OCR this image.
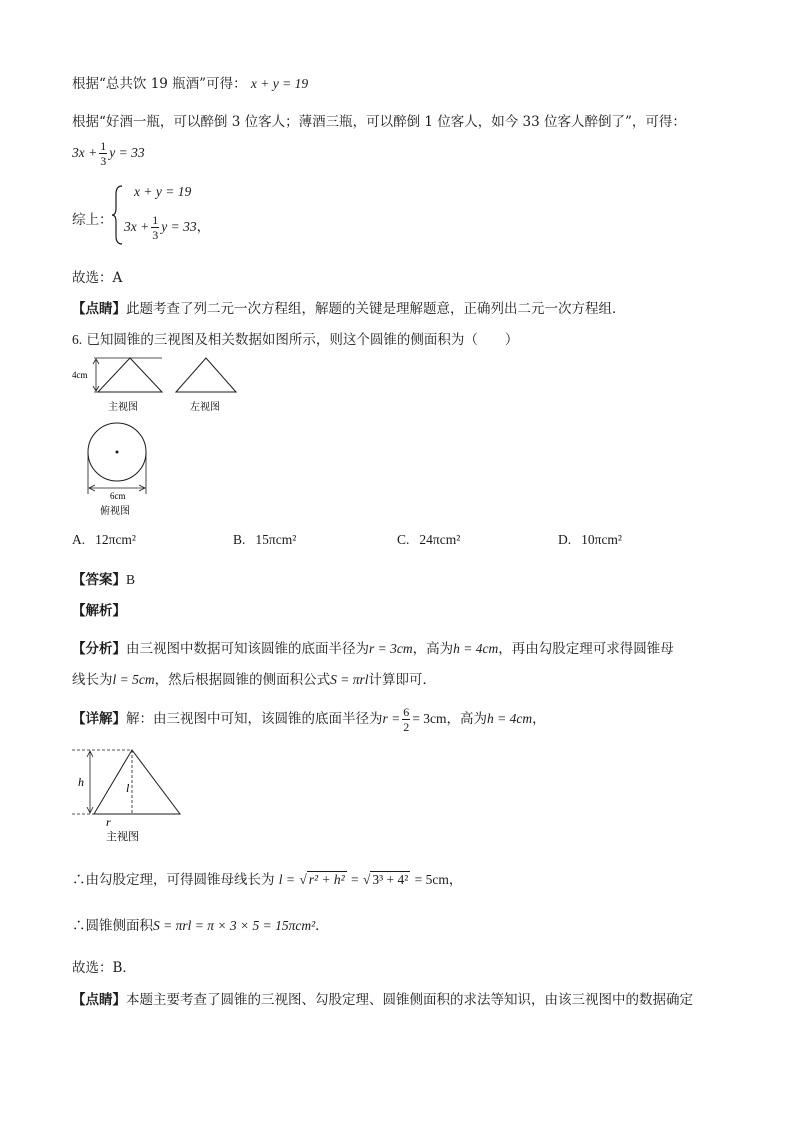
根据“总共饮 19 瓶酒”可得： x + y = 19
根据“好酒一瓶，可以醉倒 3 位客人；薄酒三瓶，可以醉倒 1 位客人，如今 33 位客人醉倒了”，可得：
$3x + \frac{1}{3}$ y = 33
综上：
x + y = 19
$3x + \frac{1}{3}$ y = 33，
故选：A
【点睛】此题考查了列二元一次方程组，解题的关键是理解题意，正确列出二元一次方程组．
6. 已知圆锥的三视图及相关数据如图所示，则这个圆锥的侧面积为（　　）
4cm
主视图	左视图
6cm
俯视图
A. 12πcm²	B. 15πcm²	C. 24πcm²	D. 10πcm²
【答案】B
【解析】
【分析】由三视图中数据可知该圆锥的底面半径为r = 3cm，高为h = 4cm，再由勾股定理可求得圆锥母
线长为l = 5cm，然后根据圆锥的侧面积公式S = πrl计算即可．
【详解】解：由三视图中可知，该圆锥的底面半径为$r = \frac{6}{2} = 3cm$，高为h = 4cm，
h	l
r
主视图
∴由勾股定理，可得圆锥母线长为 l = √ r² + h² = √ 3³ + 4² = 5cm，
∴圆锥侧面积S = πrl = π × 3 × 5 = 15πcm²．
故选：B．
【点睛】本题主要考查了圆锥的三视图、勾股定理、圆锥侧面积的求法等知识，由该三视图中的数据确定
